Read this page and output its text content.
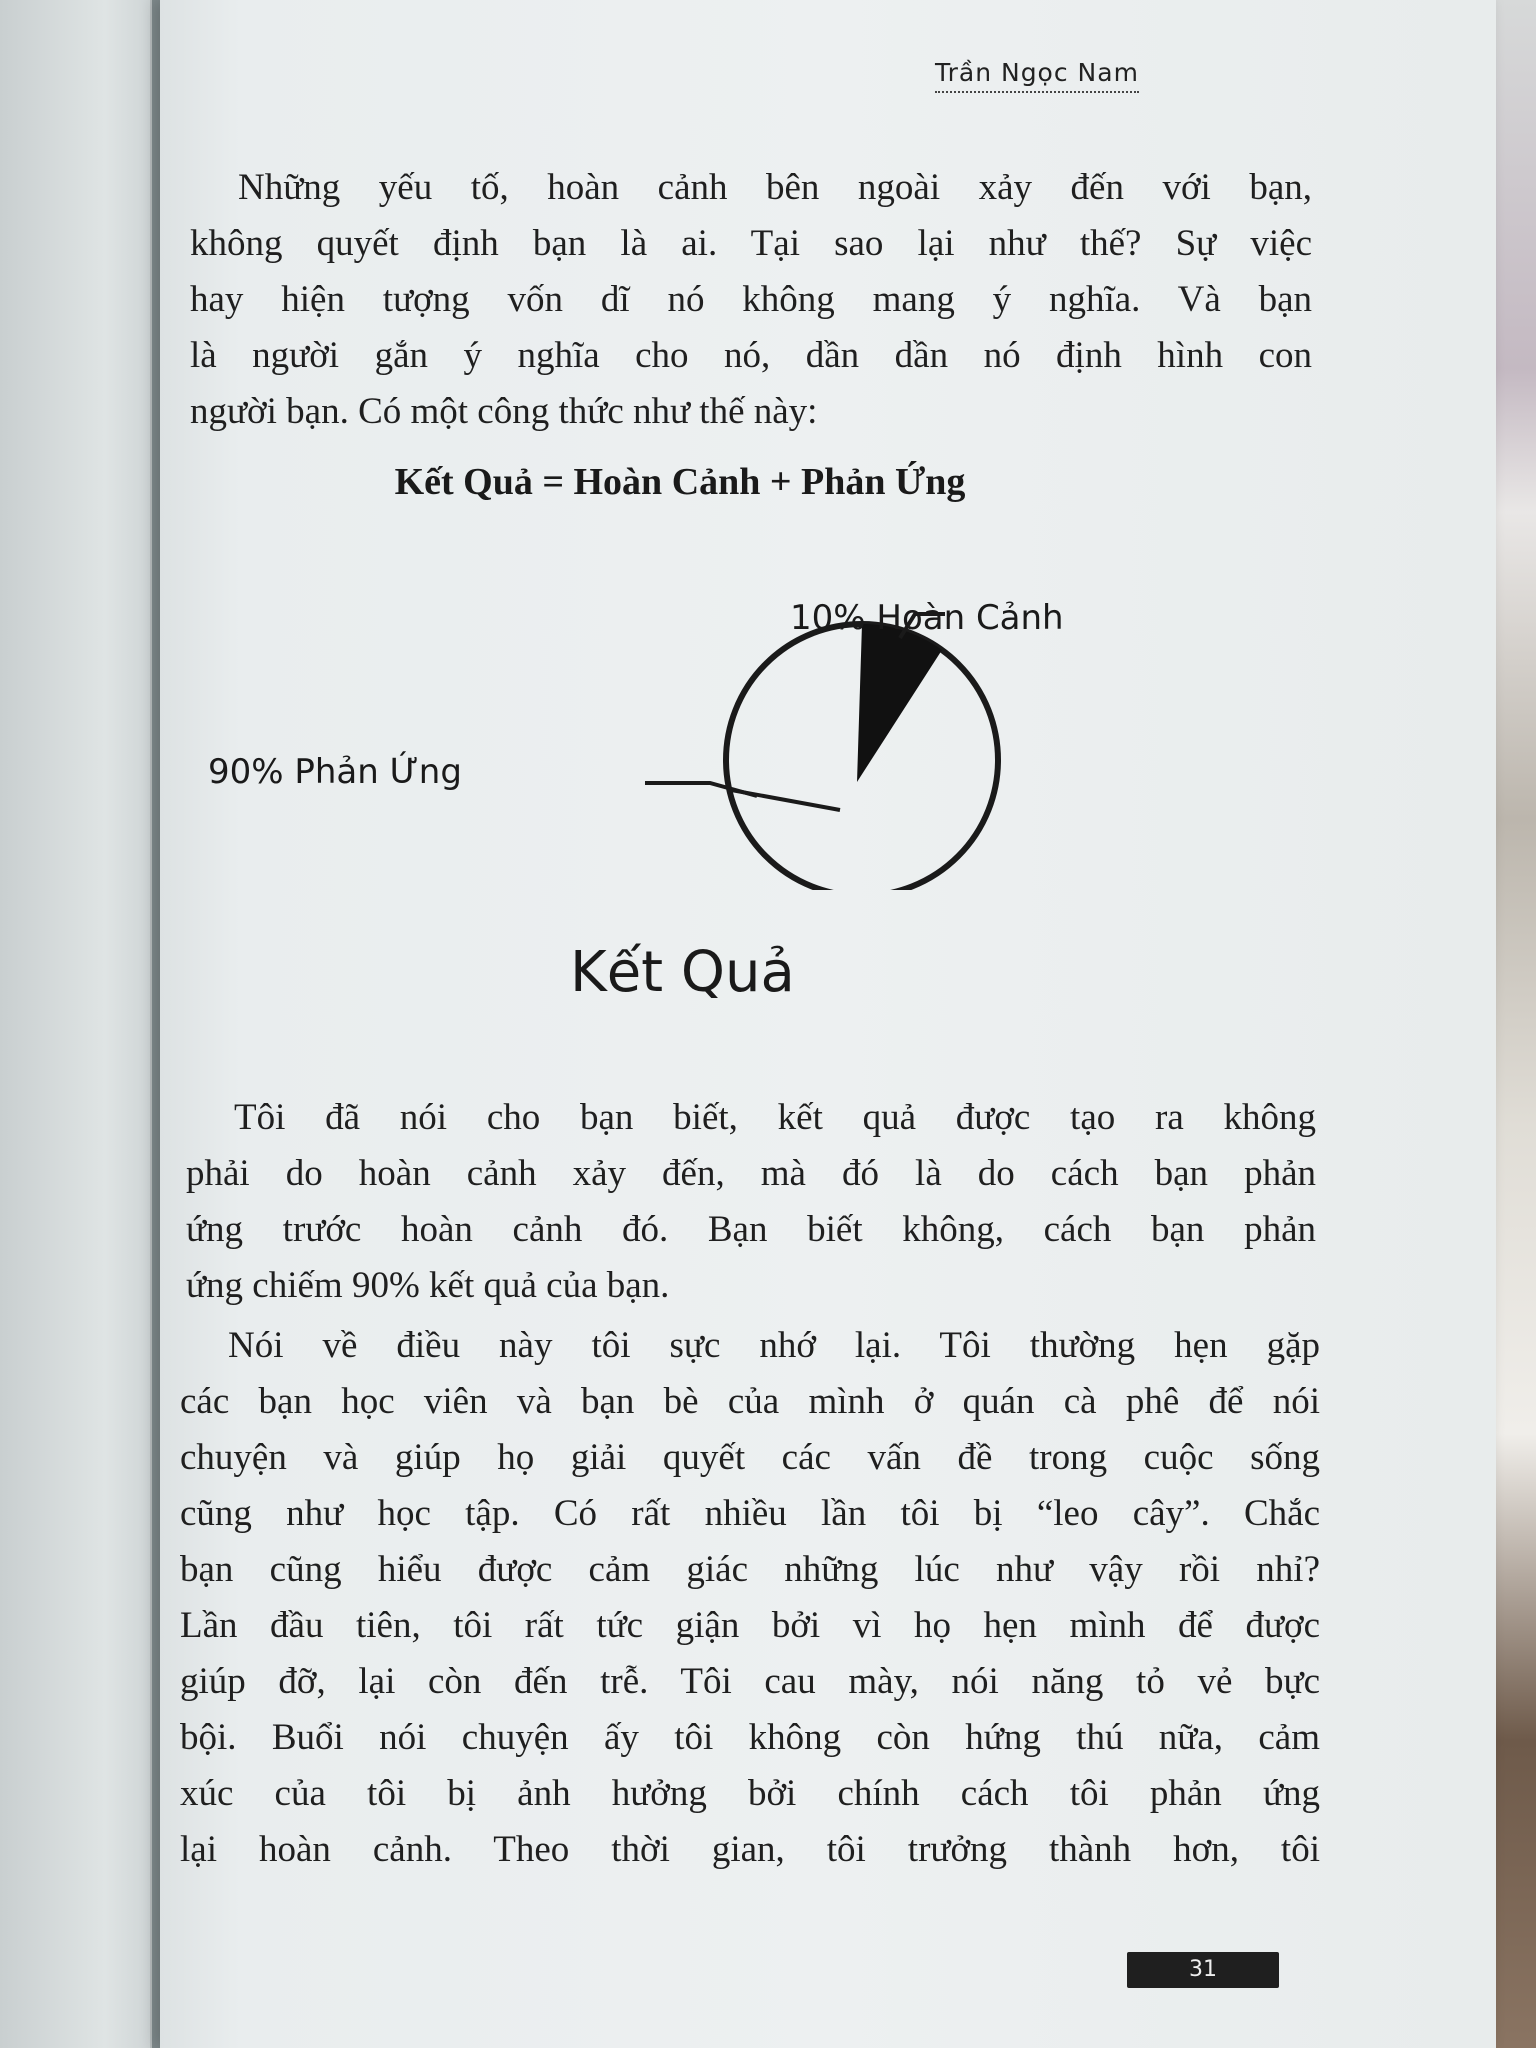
Trần Ngọc Nam
Những yếu tố, hoàn cảnh bên ngoài xảy đến với bạn,
không quyết định bạn là ai. Tại sao lại như thế? Sự việc
hay hiện tượng vốn dĩ nó không mang ý nghĩa. Và bạn
là người gắn ý nghĩa cho nó, dần dần nó định hình con
người bạn. Có một công thức như thế này:
Kết Quả = Hoàn Cảnh + Phản Ứng
10% Hoàn Cảnh
90% Phản Ứng
Kết Quả
Tôi đã nói cho bạn biết, kết quả được tạo ra không
phải do hoàn cảnh xảy đến, mà đó là do cách bạn phản
ứng trước hoàn cảnh đó. Bạn biết không, cách bạn phản
ứng chiếm 90% kết quả của bạn.
Nói về điều này tôi sực nhớ lại. Tôi thường hẹn gặp
các bạn học viên và bạn bè của mình ở quán cà phê để nói
chuyện và giúp họ giải quyết các vấn đề trong cuộc sống
cũng như học tập. Có rất nhiều lần tôi bị “leo cây”. Chắc
bạn cũng hiểu được cảm giác những lúc như vậy rồi nhỉ?
Lần đầu tiên, tôi rất tức giận bởi vì họ hẹn mình để được
giúp đỡ, lại còn đến trễ. Tôi cau mày, nói năng tỏ vẻ bực
bội. Buổi nói chuyện ấy tôi không còn hứng thú nữa, cảm
xúc của tôi bị ảnh hưởng bởi chính cách tôi phản ứng
lại hoàn cảnh. Theo thời gian, tôi trưởng thành hơn, tôi
31
